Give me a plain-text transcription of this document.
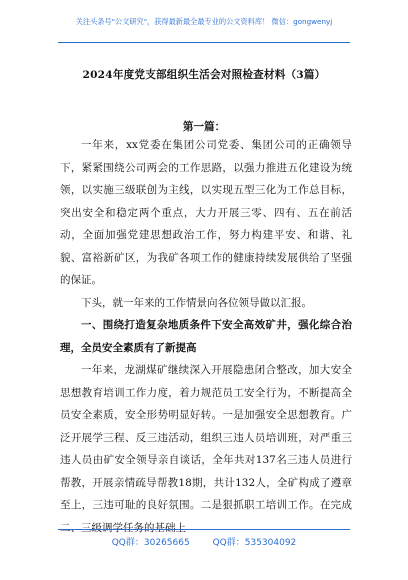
关注头条号"公文研究"，获得最新最全最专业的公文资料库！ 微信：gongwenyj
2024年度党支部组织生活会对照检查材料（3篇）
第一篇：

一年来，xx党委在集团公司党委、集团公司的正确领导下，紧紧围绕公司两会的工作思路，以强力推进五化建设为统领，以实施三级联创为主线，以实现五型三化为工作总目标，突出安全和稳定两个重点，大力开展三零、四有、五在前活动，全面加强党建思想政治工作，努力构建平安、和谐、礼貌、富裕新矿区，为我矿各项工作的健康持续发展供给了坚强的保证。

下头，就一年来的工作情景向各位领导做以汇报。

一、围绕打造复杂地质条件下安全高效矿井，强化综合治理，全员安全素质有了新提高

一年来，龙湖煤矿继续深入开展隐患闭合整改，加大安全思想教育培训工作力度，着力规范员工安全行为，不断提高全员安全素质，安全形势明显好转。一是加强安全思想教育。广泛开展学三程、反三违活动，组织三违人员培训班，对严重三违人员由矿安全领导亲自谈话，全年共对137名三违人员进行帮教，开展亲情疏导帮教18期，共计132人，全矿构成了遵章至上，三违可耻的良好氛围。二是狠抓职工培训工作。在完成二、三级调学任务的基础上

QQ群：30265665	QQ群：535304092
